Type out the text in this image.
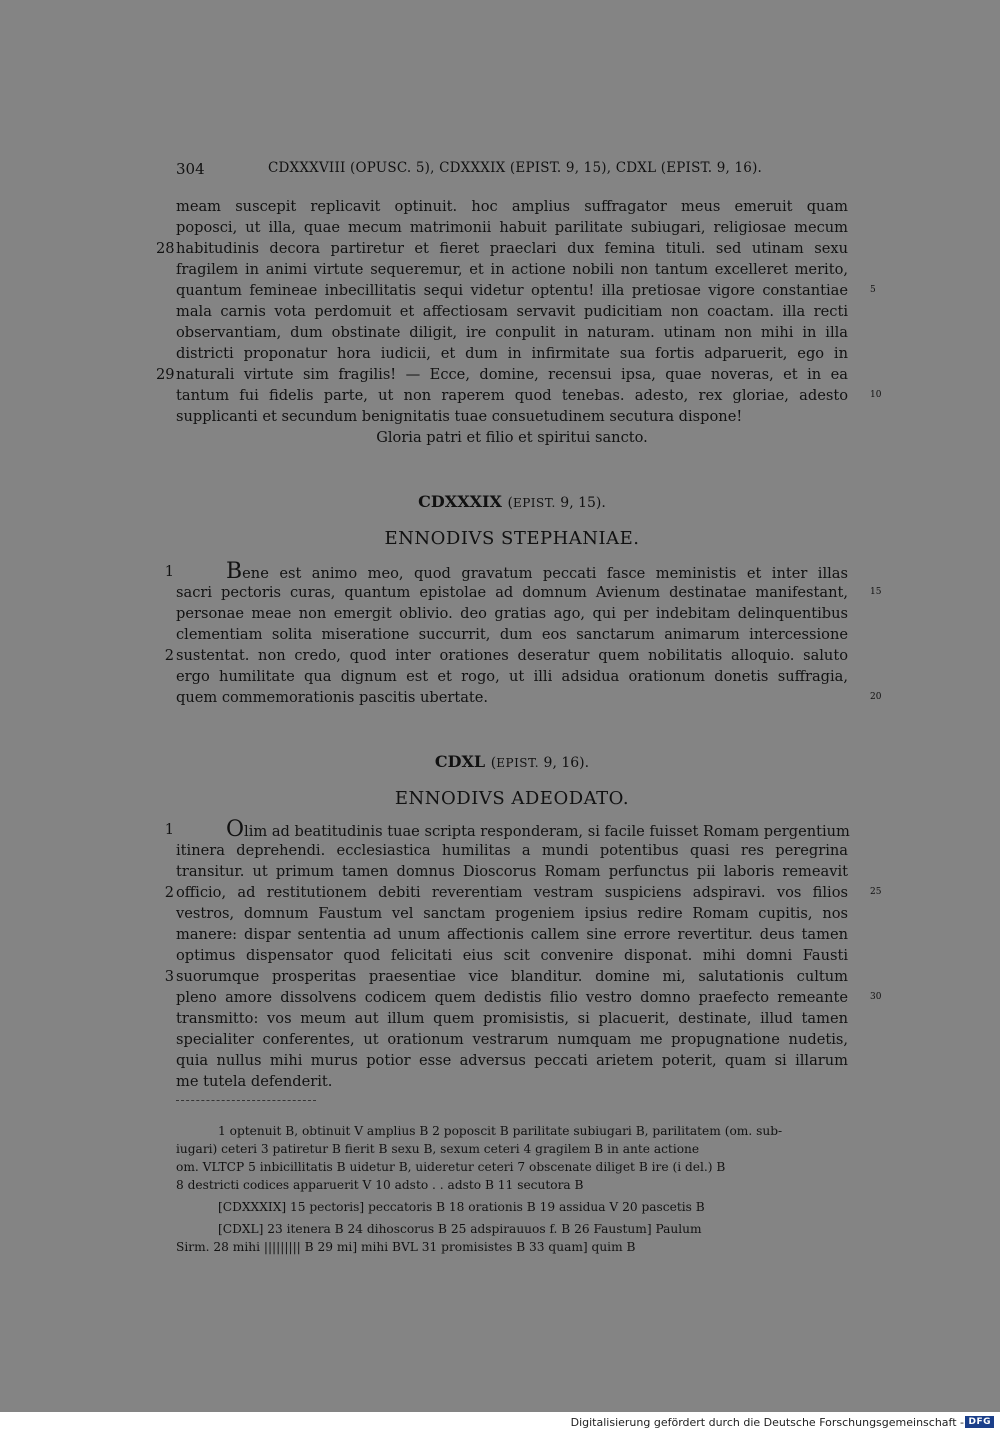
304	CDXXXVIII (OPUSC. 5), CDXXXIX (EPIST. 9, 15), CDXL (EPIST. 9, 16).
meam suscepit replicavit optinuit. hoc amplius suffragator meus emeruit quam
poposci, ut illa, quae mecum matrimonii habuit parilitate subiugari, religiosae mecum
habitudinis decora partiretur et fieret praeclari dux femina tituli. sed utinam sexu
fragilem in animi virtute sequeremur, et in actione nobili non tantum excelleret merito,
quantum femineae inbecillitatis sequi videtur optentu! illa pretiosae vigore constantiae
mala carnis vota perdomuit et affectiosam servavit pudicitiam non coactam. illa recti
observantiam, dum obstinate diligit, ire conpulit in naturam. utinam non mihi in illa
districti proponatur hora iudicii, et dum in infirmitate sua fortis adparuerit, ego in
naturali virtute sim fragilis! — Ecce, domine, recensui ipsa, quae noveras, et in ea
tantum fui fidelis parte, ut non raperem quod tenebas. adesto, rex gloriae, adesto
supplicanti et secundum benignitatis tuae consuetudinem secutura dispone!
Gloria patri et filio et spiritui sancto.
28
29
5
10
CDXXXIX (EPIST. 9, 15).
ENNODIVS STEPHANIAE.
Bene est animo meo, quod gravatum peccati fasce meministis et inter illas
sacri pectoris curas, quantum epistolae ad domnum Avienum destinatae manifestant,
personae meae non emergit oblivio. deo gratias ago, qui per indebitam delinquentibus
clementiam solita miseratione succurrit, dum eos sanctarum animarum intercessione
sustentat. non credo, quod inter orationes deseratur quem nobilitatis alloquio. saluto
ergo humilitate qua dignum est et rogo, ut illi adsidua orationum donetis suffragia,
quem commemorationis pascitis ubertate.
1
2
15
20
CDXL (EPIST. 9, 16).
ENNODIVS ADEODATO.
Olim ad beatitudinis tuae scripta responderam, si facile fuisset Romam pergentium
itinera deprehendi. ecclesiastica humilitas a mundi potentibus quasi res peregrina
transitur. ut primum tamen domnus Dioscorus Romam perfunctus pii laboris remeavit
officio, ad restitutionem debiti reverentiam vestram suspiciens adspiravi. vos filios
vestros, domnum Faustum vel sanctam progeniem ipsius redire Romam cupitis, nos
manere: dispar sententia ad unum affectionis callem sine errore revertitur. deus tamen
optimus dispensator quod felicitati eius scit convenire disponat. mihi domni Fausti
suorumque prosperitas praesentiae vice blanditur. domine mi, salutationis cultum
pleno amore dissolvens codicem quem dedistis filio vestro domno praefecto remeante
transmitto: vos meum aut illum quem promisistis, si placuerit, destinate, illud tamen
specialiter conferentes, ut orationum vestrarum numquam me propugnatione nudetis,
quia nullus mihi murus potior esse adversus peccati arietem poterit, quam si illarum
me tutela defenderit.
1
2
3
25
30
1 optenuit B, obtinuit V amplius B 2 poposcit B parilitate subiugari B, parilitatem (om. sub-
iugari) ceteri 3 patiretur B fierit B sexu B, sexum ceteri 4 gragilem B in ante actione
om. VLTCP 5 inbicillitatis B uidetur B, uideretur ceteri 7 obscenate diliget B ire (i del.) B
8 destricti codices apparuerit V 10 adsto . . adsto B 11 secutora B
[CDXXXIX] 15 pectoris] peccatoris B 18 orationis B 19 assidua V 20 pascetis B
[CDXL] 23 itenera B 24 dihoscorus B 25 adspirauuos f. B 26 Faustum] Paulum
Sirm. 28 mihi ||||||||| B 29 mi] mihi BVL 31 promisistes B 33 quam] quim B
Digitalisierung gefördert durch die Deutsche Forschungsgemeinschaft - DFG
